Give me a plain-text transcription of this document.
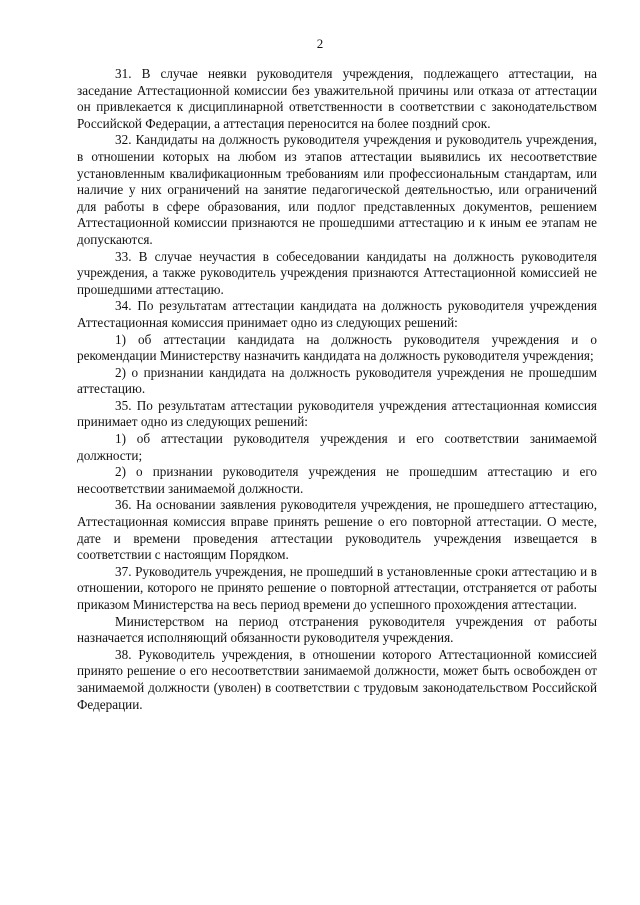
2

31. В случае неявки руководителя учреждения, подлежащего аттестации, на заседание Аттестационной комиссии без уважительной причины или отказа от аттестации он привлекается к дисциплинарной ответственности в соответствии с законодательством Российской Федерации, а аттестация переносится на более поздний срок.

32. Кандидаты на должность руководителя учреждения и руководитель учреждения, в отношении которых на любом из этапов аттестации выявились их несоответствие установленным квалификационным требованиям или профессиональным стандартам, или наличие у них ограничений на занятие педагогической деятельностью, или ограничений для работы в сфере образования, или подлог представленных документов, решением Аттестационной комиссии признаются не прошедшими аттестацию и к иным ее этапам не допускаются.

33. В случае неучастия в собеседовании кандидаты на должность руководителя учреждения, а также руководитель учреждения признаются Аттестационной комиссией не прошедшими аттестацию.

34. По результатам аттестации кандидата на должность руководителя учреждения Аттестационная комиссия принимает одно из следующих решений:

1) об аттестации кандидата на должность руководителя учреждения и о рекомендации Министерству назначить кандидата на должность руководителя учреждения;

2) о признании кандидата на должность руководителя учреждения не прошедшим аттестацию.

35. По результатам аттестации руководителя учреждения аттестационная комиссия принимает одно из следующих решений:

1) об аттестации руководителя учреждения и его соответствии занимаемой должности;

2) о признании руководителя учреждения не прошедшим аттестацию и его несоответствии занимаемой должности.

36. На основании заявления руководителя учреждения, не прошедшего аттестацию, Аттестационная комиссия вправе принять решение о его повторной аттестации. О месте, дате и времени проведения аттестации руководитель учреждения извещается в соответствии с настоящим Порядком.

37. Руководитель учреждения, не прошедший в установленные сроки аттестацию и в отношении, которого не принято решение о повторной аттестации, отстраняется от работы приказом Министерства на весь период времени до успешного прохождения аттестации.

Министерством на период отстранения руководителя учреждения от работы назначается исполняющий обязанности руководителя учреждения.

38. Руководитель учреждения, в отношении которого Аттестационной комиссией принято решение о его несоответствии занимаемой должности, может быть освобожден от занимаемой должности (уволен) в соответствии с трудовым законодательством Российской Федерации.
